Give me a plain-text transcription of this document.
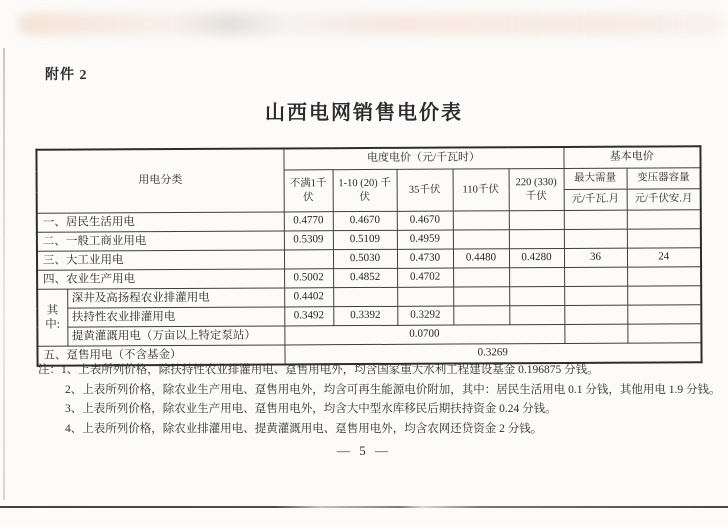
附件 2
山西电网销售电价表
用电分类		电度电价（元/千瓦时）					基本电价	
		不满1千伏	1-10 (20) 千伏	35千伏	110千伏	220 (330) 千伏	最大需量	变压器容量
							元/千瓦.月	元/千伏安.月
一、居民生活用电		0.4770	0.4670	0.4670				
二、一般工商业用电		0.5309	0.5109	0.4959				
三、大工业用电			0.5030	0.4730	0.4480	0.4280	36	24
四、农业生产用电		0.5002	0.4852	0.4702				
其中:	深井及高扬程农业排灌用电	0.4402						
	扶持性农业排灌用电	0.3492	0.3392	0.3292				
	提黄灌溉用电（万亩以上特定泵站）	0.0700						
五、趸售用电（不含基金）		0.3269						
注：1、上表所列价格，除扶持性农业排灌用电、趸售用电外，均含国家重大水利工程建设基金 0.196875 分钱。
2、上表所列价格，除农业生产用电、趸售用电外，均含可再生能源电价附加，其中：居民生活用电 0.1 分钱，其他用电 1.9 分钱。
3、上表所列价格，除农业生产用电、趸售用电外，均含大中型水库移民后期扶持资金 0.24 分钱。
4、上表所列价格，除农业排灌用电、提黄灌溉用电、趸售用电外，均含农网还贷资金 2 分钱。
— 5 —
